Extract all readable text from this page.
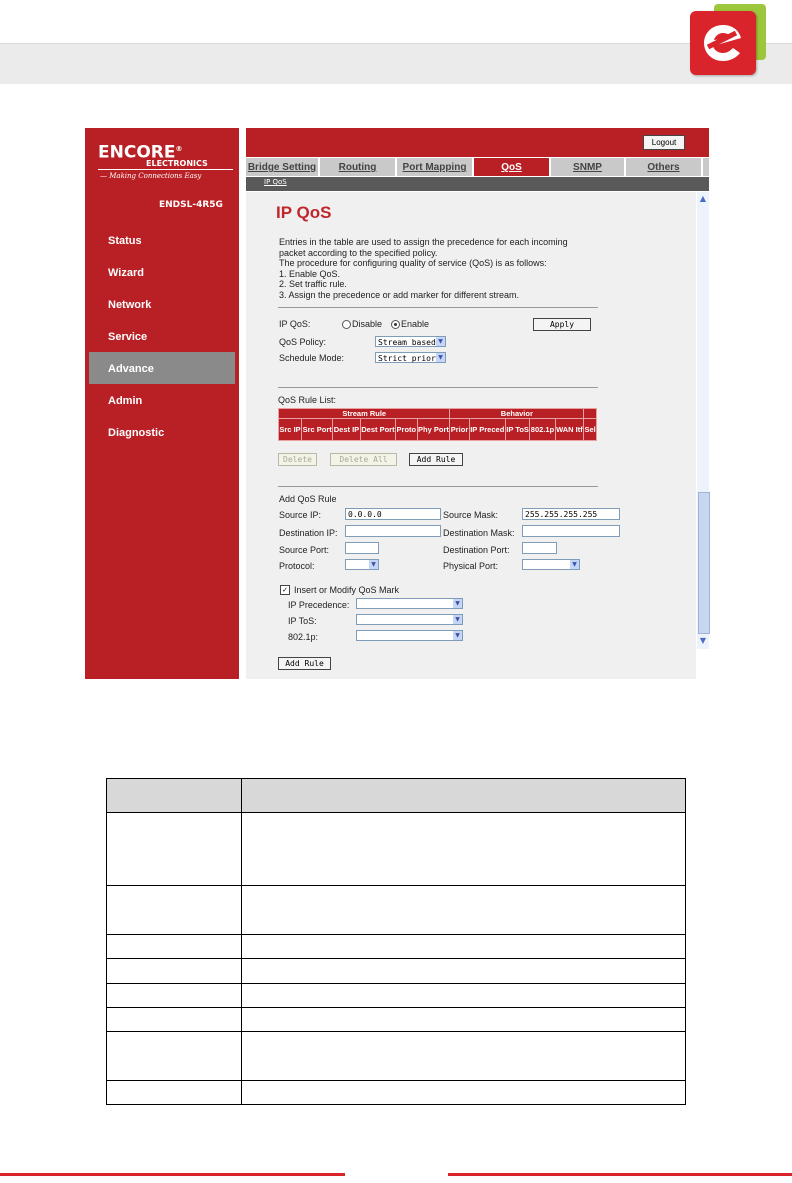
ENCORE®
ELECTRONICS
— Making Connections Easy
ENDSL-4R5G
Status
Wizard
Network
Service
Advance
Admin
Diagnostic
Logout
Bridge Setting	Routing	Port Mapping	QoS	SNMP	Others
IP QoS
▲
▼
IP QoS
Entries in the table are used to assign the precedence for each incoming
packet according to the specified policy.
The procedure for configuring quality of service (QoS) is as follows:
1. Enable QoS.
2. Set traffic rule.
3. Assign the precedence or add marker for different stream.
IP QoS:	Disable Enable	Apply
QoS Policy:	Stream based ▼
Schedule Mode:	Strict prior ▼
QoS Rule List:
Stream Rule						Behavior					
Src IP	Src Port	Dest IP	Dest Port	Proto	Phy Port	Prior	IP Preced	IP ToS	802.1p	WAN Itf	Sel
Delete	Delete All	Add Rule
Add QoS Rule
Source IP:	0.0.0.0	Source Mask:	255.255.255.255
Destination IP:	Destination Mask:
Source Port:	Destination Port:
Protocol:	▼	Physical Port:	▼
✓ Insert or Modify QoS Mark
IP Precedence:	▼
IP ToS:	▼
802.1p:	▼
Add Rule
